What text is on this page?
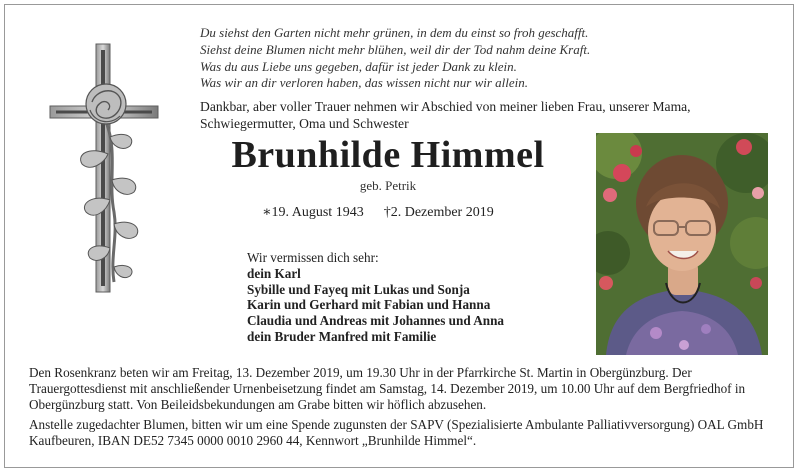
Du siehst den Garten nicht mehr grünen, in dem du einst so froh geschafft.
Siehst deine Blumen nicht mehr blühen, weil dir der Tod nahm deine Kraft.
Was du aus Liebe uns gegeben, dafür ist jeder Dank zu klein.
Was wir an dir verloren haben, das wissen nicht nur wir allein.
Dankbar, aber voller Trauer nehmen wir Abschied von meiner lieben Frau, unserer Mama, Schwiegermutter, Oma und Schwester
Brunhilde Himmel
geb. Petrik
∗19. August 1943 †2. Dezember 2019
Wir vermissen dich sehr:
dein Karl
Sybille und Fayeq mit Lukas und Sonja
Karin und Gerhard mit Fabian und Hanna
Claudia und Andreas mit Johannes und Anna
dein Bruder Manfred mit Familie

Den Rosenkranz beten wir am Freitag, 13. Dezember 2019, um 19.30 Uhr in der Pfarrkirche St. Martin in Obergünzburg. Der Trauergottesdienst mit anschließender Urnenbeisetzung findet am Samstag, 14. Dezember 2019, um 10.00 Uhr auf dem Bergfriedhof in Obergünzburg statt. Von Beileidsbekundungen am Grabe bitten wir höflich abzusehen.

Anstelle zugedachter Blumen, bitten wir um eine Spende zugunsten der SAPV (Spezialisierte Ambulante Palliativversorgung) OAL GmbH Kaufbeuren, IBAN DE52 7345 0000 0010 2960 44, Kennwort „Brunhilde Himmel“.
